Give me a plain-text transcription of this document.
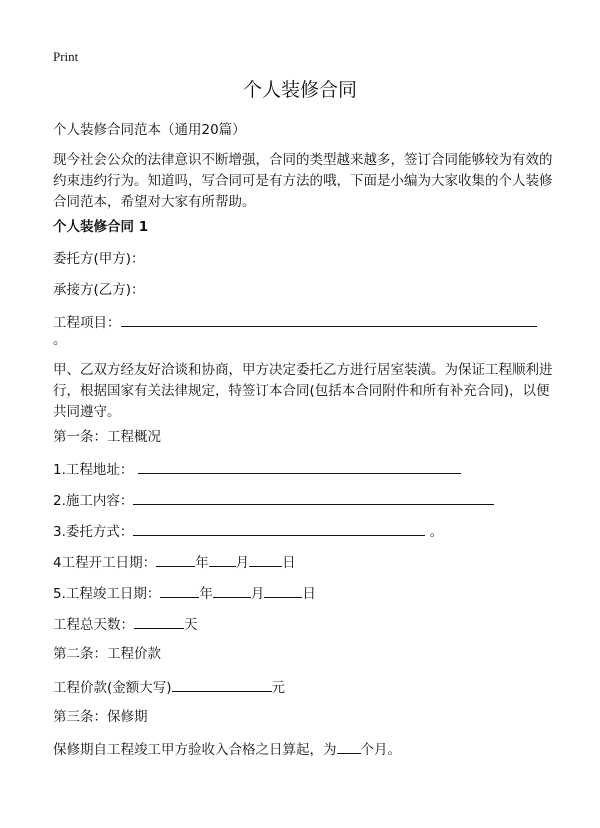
Print
个人装修合同
个人装修合同范本（通用20篇）
现今社会公众的法律意识不断增强，合同的类型越来越多，签订合同能够较为有效的约束违约行为。知道吗，写合同可是有方法的哦，下面是小编为大家收集的个人装修合同范本，希望对大家有所帮助。
个人装修合同 1
委托方(甲方)：
承接方(乙方)：
工程项目：
。
甲、乙双方经友好洽谈和协商，甲方决定委托乙方进行居室装潢。为保证工程顺利进行，根据国家有关法律规定，特签订本合同(包括本合同附件和所有补充合同)，以便共同遵守。
第一条：工程概况
1.工程地址：
2.施工内容：
3.委托方式：	。
4工程开工日期：	年 月 日
5.工程竣工日期：	年	月	日
工程总天数：	天
第二条：工程价款
工程价款(金额大写)	元
第三条：保修期
保修期自工程竣工甲方验收入合格之日算起，为 个月。
